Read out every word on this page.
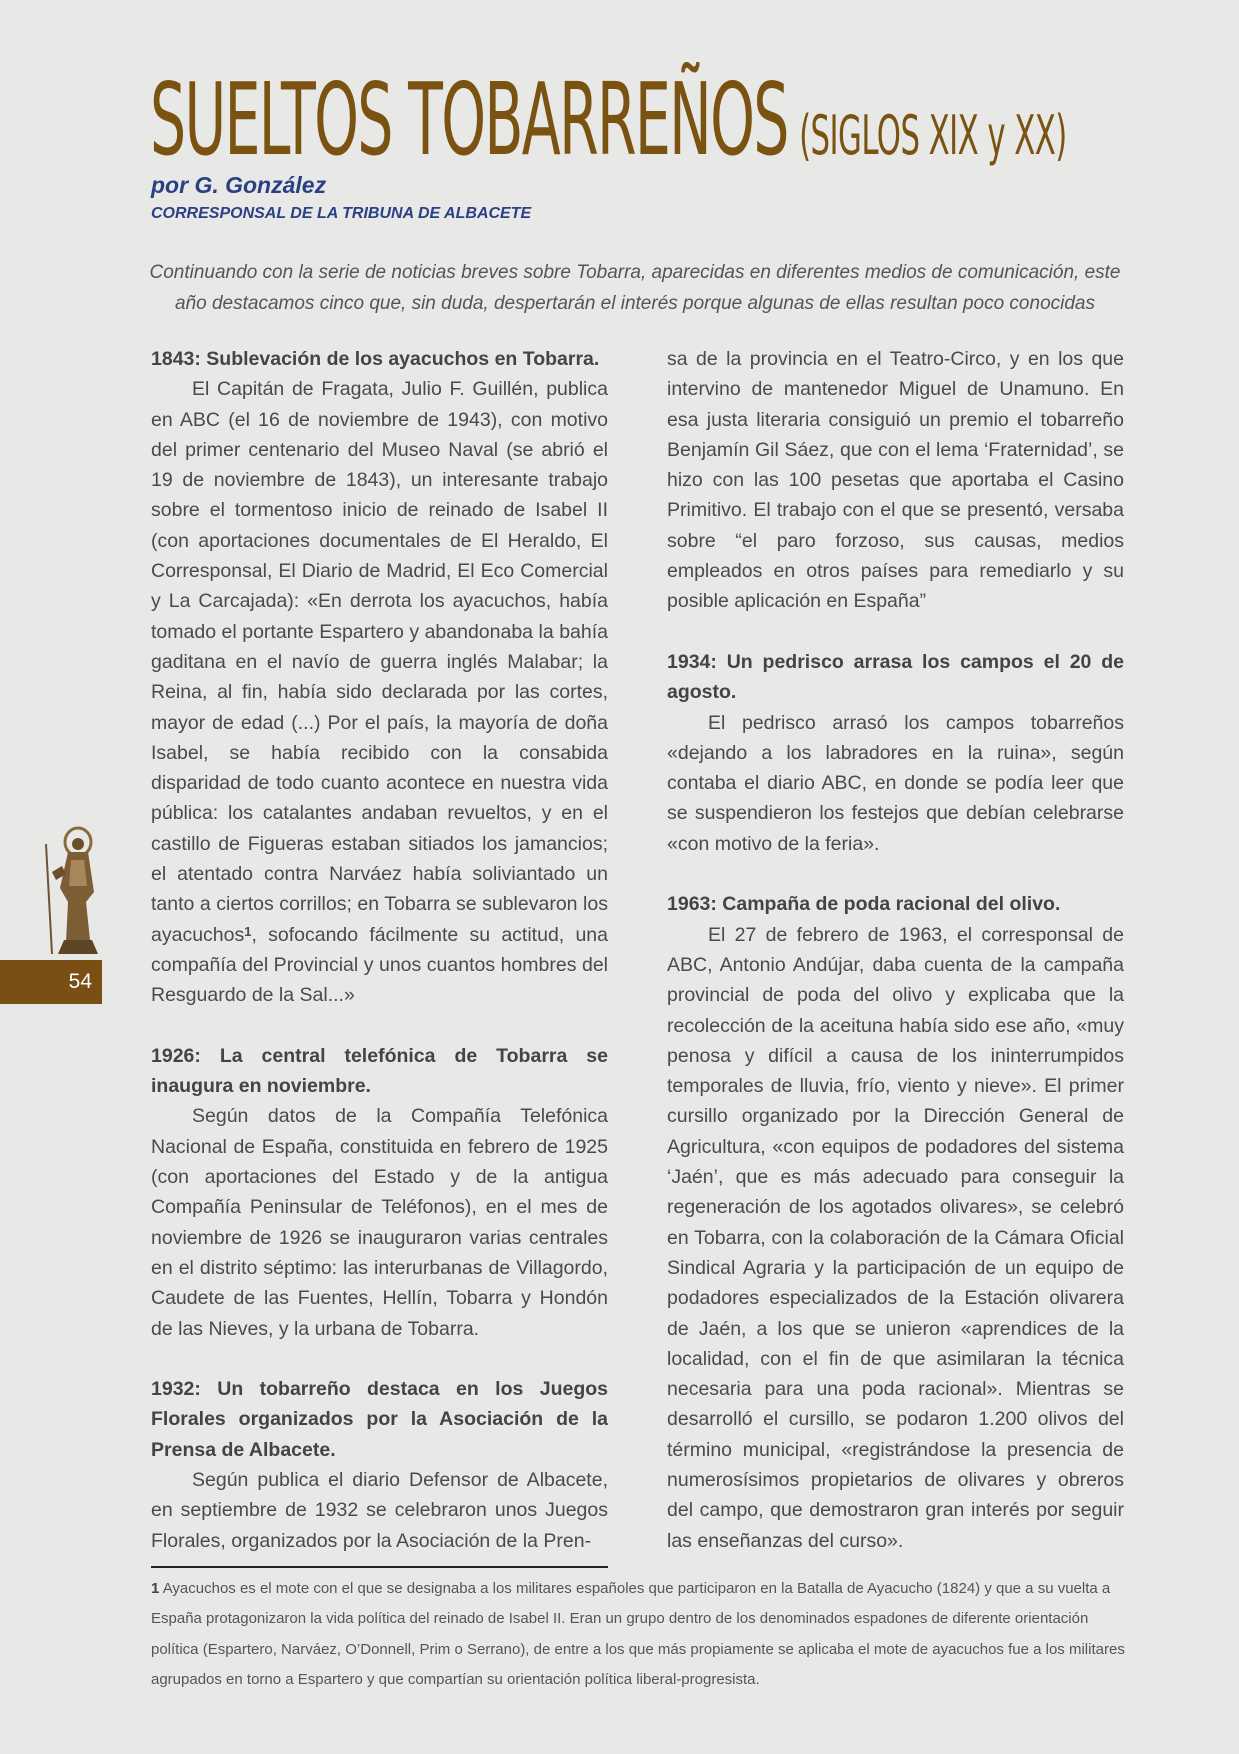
SUELTOS TOBARREÑOS (SIGLOS XIX y XX)

por G. González

CORRESPONSAL DE LA TRIBUNA DE ALBACETE

Continuando con la serie de noticias breves sobre Tobarra, aparecidas en diferentes medios de comunicación, este año destacamos cinco que, sin duda, despertarán el interés porque algunas de ellas resultan poco conocidas

1843: Sublevación de los ayacuchos en Tobarra.

El Capitán de Fragata, Julio F. Guillén, publica en ABC (el 16 de noviembre de 1943), con motivo del primer centenario del Museo Naval (se abrió el 19 de noviembre de 1843), un interesante trabajo sobre el tormentoso inicio de reinado de Isabel II (con aportaciones documentales de El Heraldo, El Corresponsal, El Diario de Madrid, El Eco Comercial y La Carcajada): «En derrota los ayacuchos, había tomado el portante Espartero y abandonaba la bahía gaditana en el navío de guerra inglés Malabar; la Reina, al fin, había sido declarada por las cortes, mayor de edad (...) Por el país, la mayoría de doña Isabel, se había recibido con la consabida disparidad de todo cuanto acontece en nuestra vida pública: los catalantes andaban revueltos, y en el castillo de Figueras estaban sitiados los jamancios; el atentado contra Narváez había soliviantado un tanto a ciertos corrillos; en Tobarra se sublevaron los ayacuchos$^1$, sofocando fácilmente su actitud, una compañía del Provincial y unos cuantos hombres del Resguardo de la Sal...»

1926: La central telefónica de Tobarra se inaugura en noviembre.

Según datos de la Compañía Telefónica Nacional de España, constituida en febrero de 1925 (con aportaciones del Estado y de la antigua Compañía Peninsular de Teléfonos), en el mes de noviembre de 1926 se inauguraron varias centrales en el distrito séptimo: las interurbanas de Villagordo, Caudete de las Fuentes, Hellín, Tobarra y Hondón de las Nieves, y la urbana de Tobarra.

1932: Un tobarreño destaca en los Juegos Florales organizados por la Asociación de la Prensa de Albacete.

Según publica el diario Defensor de Albacete, en septiembre de 1932 se celebraron unos Juegos Florales, organizados por la Asociación de la Pren-

sa de la provincia en el Teatro-Circo, y en los que intervino de mantenedor Miguel de Unamuno. En esa justa literaria consiguió un premio el tobarreño Benjamín Gil Sáez, que con el lema ‘Fraternidad’, se hizo con las 100 pesetas que aportaba el Casino Primitivo. El trabajo con el que se presentó, versaba sobre “el paro forzoso, sus causas, medios empleados en otros países para remediarlo y su posible aplicación en España”

1934: Un pedrisco arrasa los campos el 20 de agosto.

El pedrisco arrasó los campos tobarreños «dejando a los labradores en la ruina», según contaba el diario ABC, en donde se podía leer que se suspendieron los festejos que debían celebrarse «con motivo de la feria».

1963: Campaña de poda racional del olivo.

El 27 de febrero de 1963, el corresponsal de ABC, Antonio Andújar, daba cuenta de la campaña provincial de poda del olivo y explicaba que la recolección de la aceituna había sido ese año, «muy penosa y difícil a causa de los ininterrumpidos temporales de lluvia, frío, viento y nieve». El primer cursillo organizado por la Dirección General de Agricultura, «con equipos de podadores del sistema ‘Jaén’, que es más adecuado para conseguir la regeneración de los agotados olivares», se celebró en Tobarra, con la colaboración de la Cámara Oficial Sindical Agraria y la participación de un equipo de podadores especializados de la Estación olivarera de Jaén, a los que se unieron «aprendices de la localidad, con el fin de que asimilaran la técnica necesaria para una poda racional». Mientras se desarrolló el cursillo, se podaron 1.200 olivos del término municipal, «registrándose la presencia de numerosísimos propietarios de olivares y obreros del campo, que demostraron gran interés por seguir las enseñanzas del curso».

54

1 Ayacuchos es el mote con el que se designaba a los militares españoles que participaron en la Batalla de Ayacucho (1824) y que a su vuelta a España protagonizaron la vida política del reinado de Isabel II. Eran un grupo dentro de los denominados espadones de diferente orientación política (Espartero, Narváez, O’Donnell, Prim o Serrano), de entre a los que más propiamente se aplicaba el mote de ayacuchos fue a los militares agrupados en torno a Espartero y que compartían su orientación política liberal-progresista.
